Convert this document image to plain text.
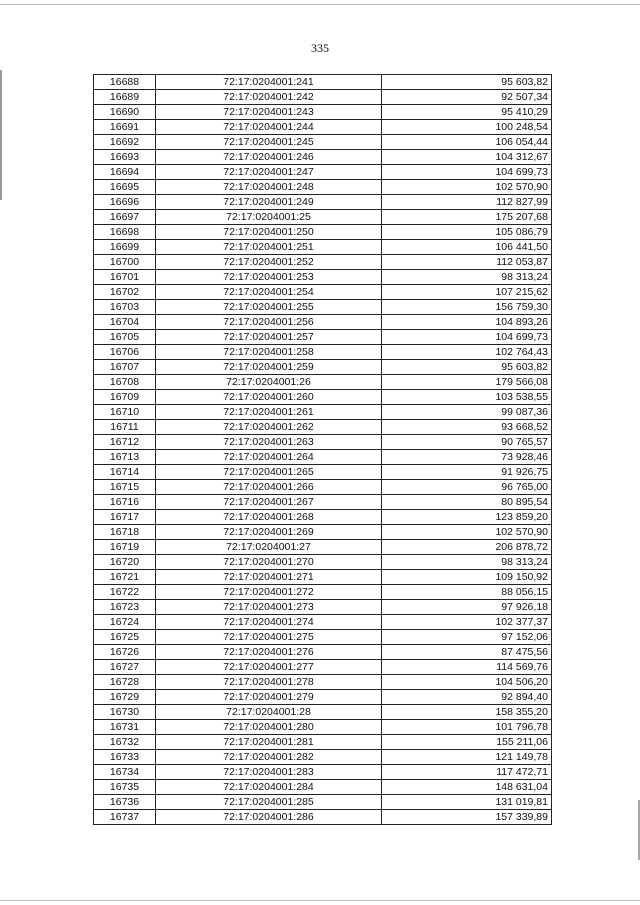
335
16688	72:17:0204001:241	95 603,82
16689	72:17:0204001:242	92 507,34
16690	72:17:0204001:243	95 410,29
16691	72:17:0204001:244	100 248,54
16692	72:17:0204001:245	106 054,44
16693	72:17:0204001:246	104 312,67
16694	72:17:0204001:247	104 699,73
16695	72:17:0204001:248	102 570,90
16696	72:17:0204001:249	112 827,99
16697	72:17:0204001:25	175 207,68
16698	72:17:0204001:250	105 086,79
16699	72:17:0204001:251	106 441,50
16700	72:17:0204001:252	112 053,87
16701	72:17:0204001:253	98 313,24
16702	72:17:0204001:254	107 215,62
16703	72:17:0204001:255	156 759,30
16704	72:17:0204001:256	104 893,26
16705	72:17:0204001:257	104 699,73
16706	72:17:0204001:258	102 764,43
16707	72:17:0204001:259	95 603,82
16708	72:17:0204001:26	179 566,08
16709	72:17:0204001:260	103 538,55
16710	72:17:0204001:261	99 087,36
16711	72:17:0204001:262	93 668,52
16712	72:17:0204001:263	90 765,57
16713	72:17:0204001:264	73 928,46
16714	72:17:0204001:265	91 926,75
16715	72:17:0204001:266	96 765,00
16716	72:17:0204001:267	80 895,54
16717	72:17:0204001:268	123 859,20
16718	72:17:0204001:269	102 570,90
16719	72:17:0204001:27	206 878,72
16720	72:17:0204001:270	98 313,24
16721	72:17:0204001:271	109 150,92
16722	72:17:0204001:272	88 056,15
16723	72:17:0204001:273	97 926,18
16724	72:17:0204001:274	102 377,37
16725	72:17:0204001:275	97 152,06
16726	72:17:0204001:276	87 475,56
16727	72:17:0204001:277	114 569,76
16728	72:17:0204001:278	104 506,20
16729	72:17:0204001:279	92 894,40
16730	72:17:0204001:28	158 355,20
16731	72:17:0204001:280	101 796,78
16732	72:17:0204001:281	155 211,06
16733	72:17:0204001:282	121 149,78
16734	72:17:0204001:283	117 472,71
16735	72:17:0204001:284	148 631,04
16736	72:17:0204001:285	131 019,81
16737	72:17:0204001:286	157 339,89
